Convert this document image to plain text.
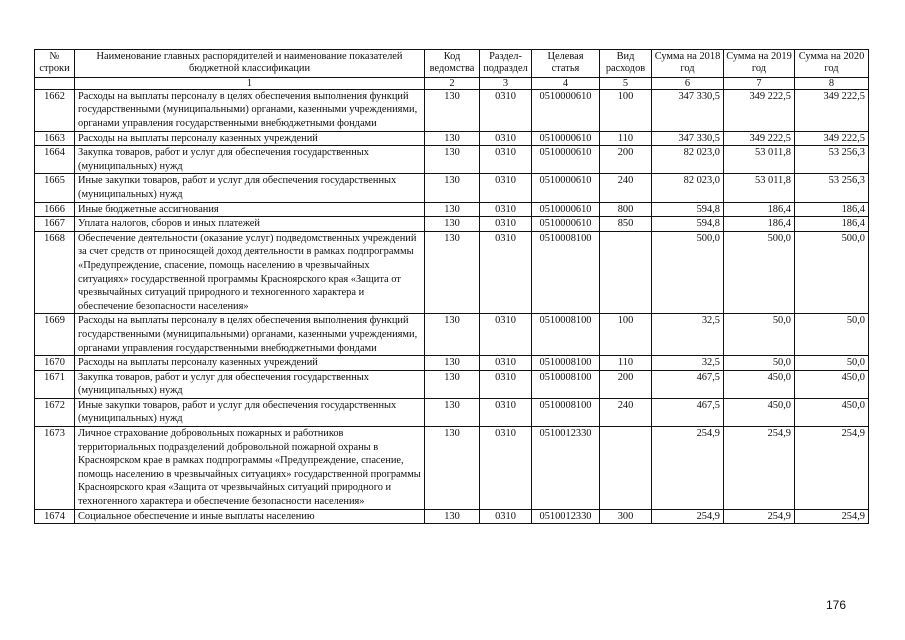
№ строки	Наименование главных распорядителей и наименование показателей бюджетной классификации	Код ведомства	Раздел-подраздел	Целевая статья	Вид расходов	Сумма на 2018 год	Сумма на 2019 год	Сумма на 2020 год
	1	2	3	4	5	6	7	8
1662	Расходы на выплаты персоналу в целях обеспечения выполнения функций государственными (муниципальными) органами, казенными учреждениями, органами управления государственными внебюджетными фондами	130	0310	0510000610	100	347 330,5	349 222,5	349 222,5
1663	Расходы на выплаты персоналу казенных учреждений	130	0310	0510000610	110	347 330,5	349 222,5	349 222,5
1664	Закупка товаров, работ и услуг для обеспечения государственных (муниципальных) нужд	130	0310	0510000610	200	82 023,0	53 011,8	53 256,3
1665	Иные закупки товаров, работ и услуг для обеспечения государственных (муниципальных) нужд	130	0310	0510000610	240	82 023,0	53 011,8	53 256,3
1666	Иные бюджетные ассигнования	130	0310	0510000610	800	594,8	186,4	186,4
1667	Уплата налогов, сборов и иных платежей	130	0310	0510000610	850	594,8	186,4	186,4
1668	Обеспечение деятельности (оказание услуг) подведомственных учреждений за счет средств от приносящей доход деятельности в рамках подпрограммы «Предупреждение, спасение, помощь населению в чрезвычайных ситуациях» государственной программы Красноярского края «Защита от чрезвычайных ситуаций природного и техногенного характера и обеспечение безопасности населения»	130	0310	0510008100		500,0	500,0	500,0
1669	Расходы на выплаты персоналу в целях обеспечения выполнения функций государственными (муниципальными) органами, казенными учреждениями, органами управления государственными внебюджетными фондами	130	0310	0510008100	100	32,5	50,0	50,0
1670	Расходы на выплаты персоналу казенных учреждений	130	0310	0510008100	110	32,5	50,0	50,0
1671	Закупка товаров, работ и услуг для обеспечения государственных (муниципальных) нужд	130	0310	0510008100	200	467,5	450,0	450,0
1672	Иные закупки товаров, работ и услуг для обеспечения государственных (муниципальных) нужд	130	0310	0510008100	240	467,5	450,0	450,0
1673	Личное страхование добровольных пожарных и работников территориальных подразделений добровольной пожарной охраны в Красноярском крае в рамках подпрограммы «Предупреждение, спасение, помощь населению в чрезвычайных ситуациях» государственной программы Красноярского края «Защита от чрезвычайных ситуаций природного и техногенного характера и обеспечение безопасности населения»	130	0310	0510012330		254,9	254,9	254,9
1674	Социальное обеспечение и иные выплаты населению	130	0310	0510012330	300	254,9	254,9	254,9
176
